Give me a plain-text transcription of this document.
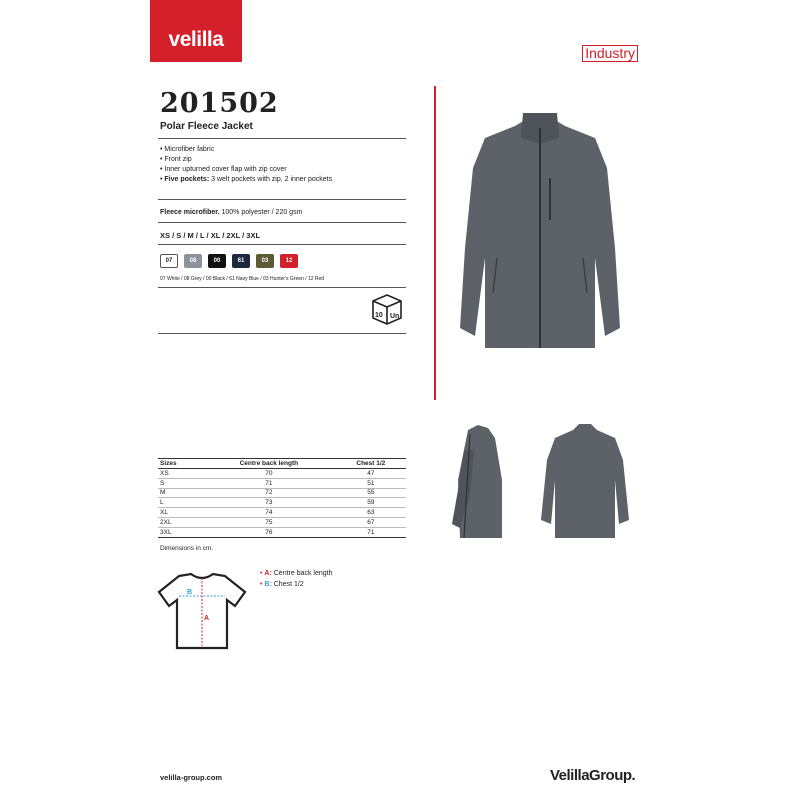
velilla
Industry
201502
Polar Fleece Jacket
• Microfiber fabric
• Front zip
• Inner upturned cover flap with zip cover
• Five pockets: 3 welt pockets with zip, 2 inner pockets
Fleece microfiber. 100% polyester / 220 gsm
XS / S / M / L / XL / 2XL / 3XL
07	08	00	61	03	12
07 White / 08 Grey / 00 Black / 61 Navy Blue / 03 Hunter's Green / 12 Red
10 Un
Sizes	Centre back length	Chest 1/2
XS	70	47
S	71	51
M	72	55
L	73	59
XL	74	63
2XL	75	67
3XL	76	71
Dimensions in cm.
B
A
• A: Centre back length
• B: Chest 1/2
velilla-group.com	VelillaGroup.
